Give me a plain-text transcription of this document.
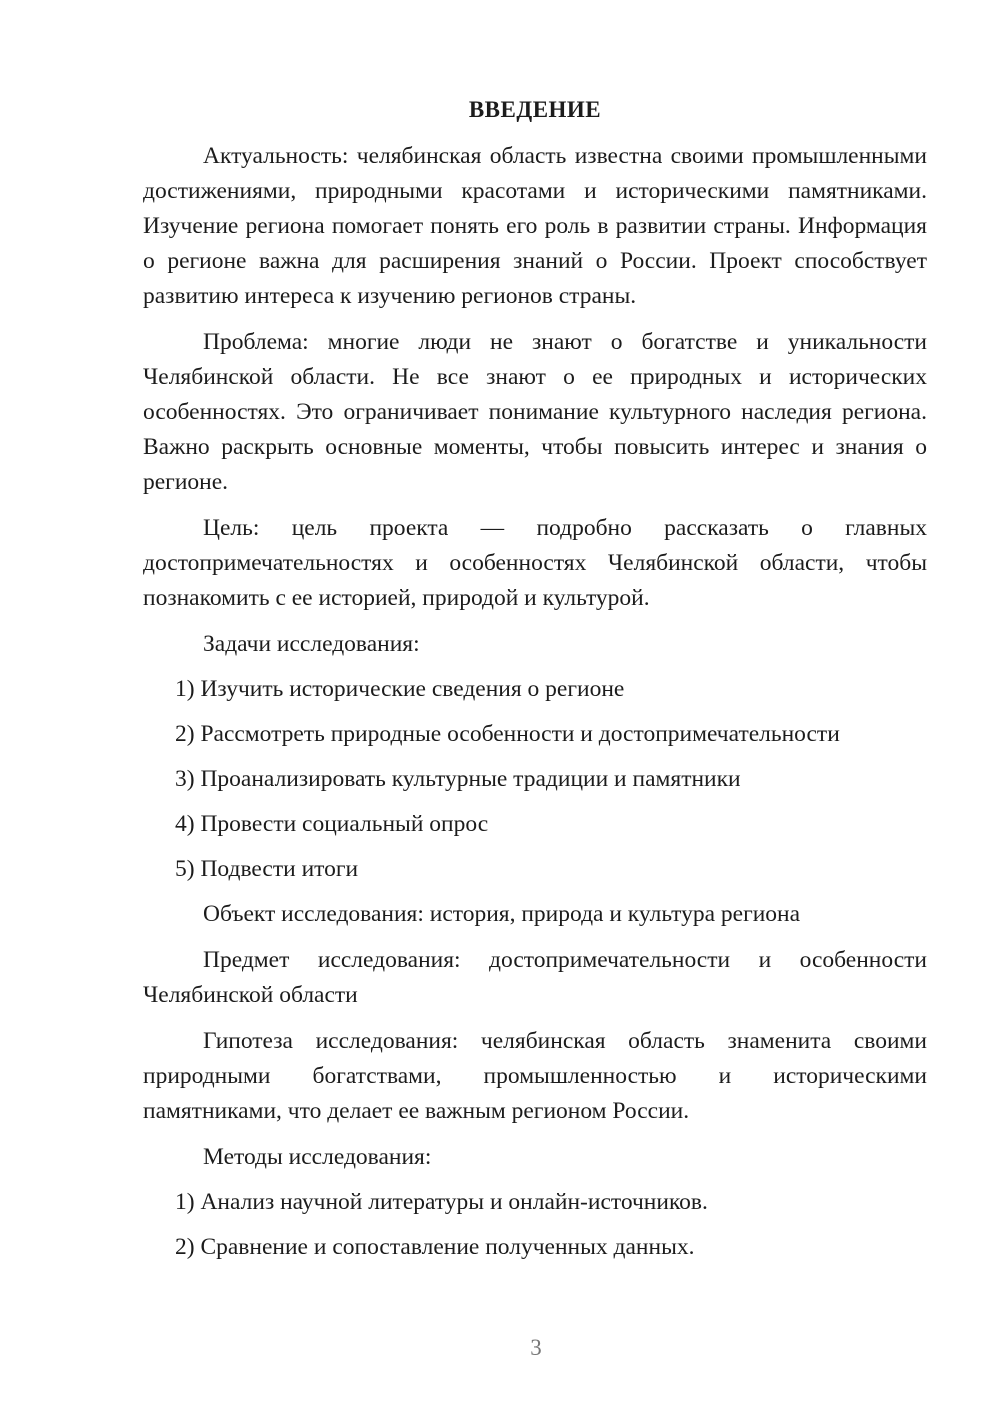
ВВЕДЕНИЕ

Актуальность: челябинская область известна своими промышленными достижениями, природными красотами и историческими памятниками. Изучение региона помогает понять его роль в развитии страны. Информация о регионе важна для расширения знаний о России. Проект способствует развитию интереса к изучению регионов страны.

Проблема: многие люди не знают о богатстве и уникальности Челябинской области. Не все знают о ее природных и исторических особенностях. Это ограничивает понимание культурного наследия региона. Важно раскрыть основные моменты, чтобы повысить интерес и знания о регионе.

Цель: цель проекта — подробно рассказать о главных достопримечательностях и особенностях Челябинской области, чтобы познакомить с ее историей, природой и культурой.

Задачи исследования:

1) Изучить исторические сведения о регионе

2) Рассмотреть природные особенности и достопримечательности

3) Проанализировать культурные традиции и памятники

4) Провести социальный опрос

5) Подвести итоги

Объект исследования: история, природа и культура региона

Предмет исследования: достопримечательности и особенности Челябинской области

Гипотеза исследования: челябинская область знаменита своими природными богатствами, промышленностью и историческими памятниками, что делает ее важным регионом России.

Методы исследования:

1) Анализ научной литературы и онлайн-источников.

2) Сравнение и сопоставление полученных данных.

3
